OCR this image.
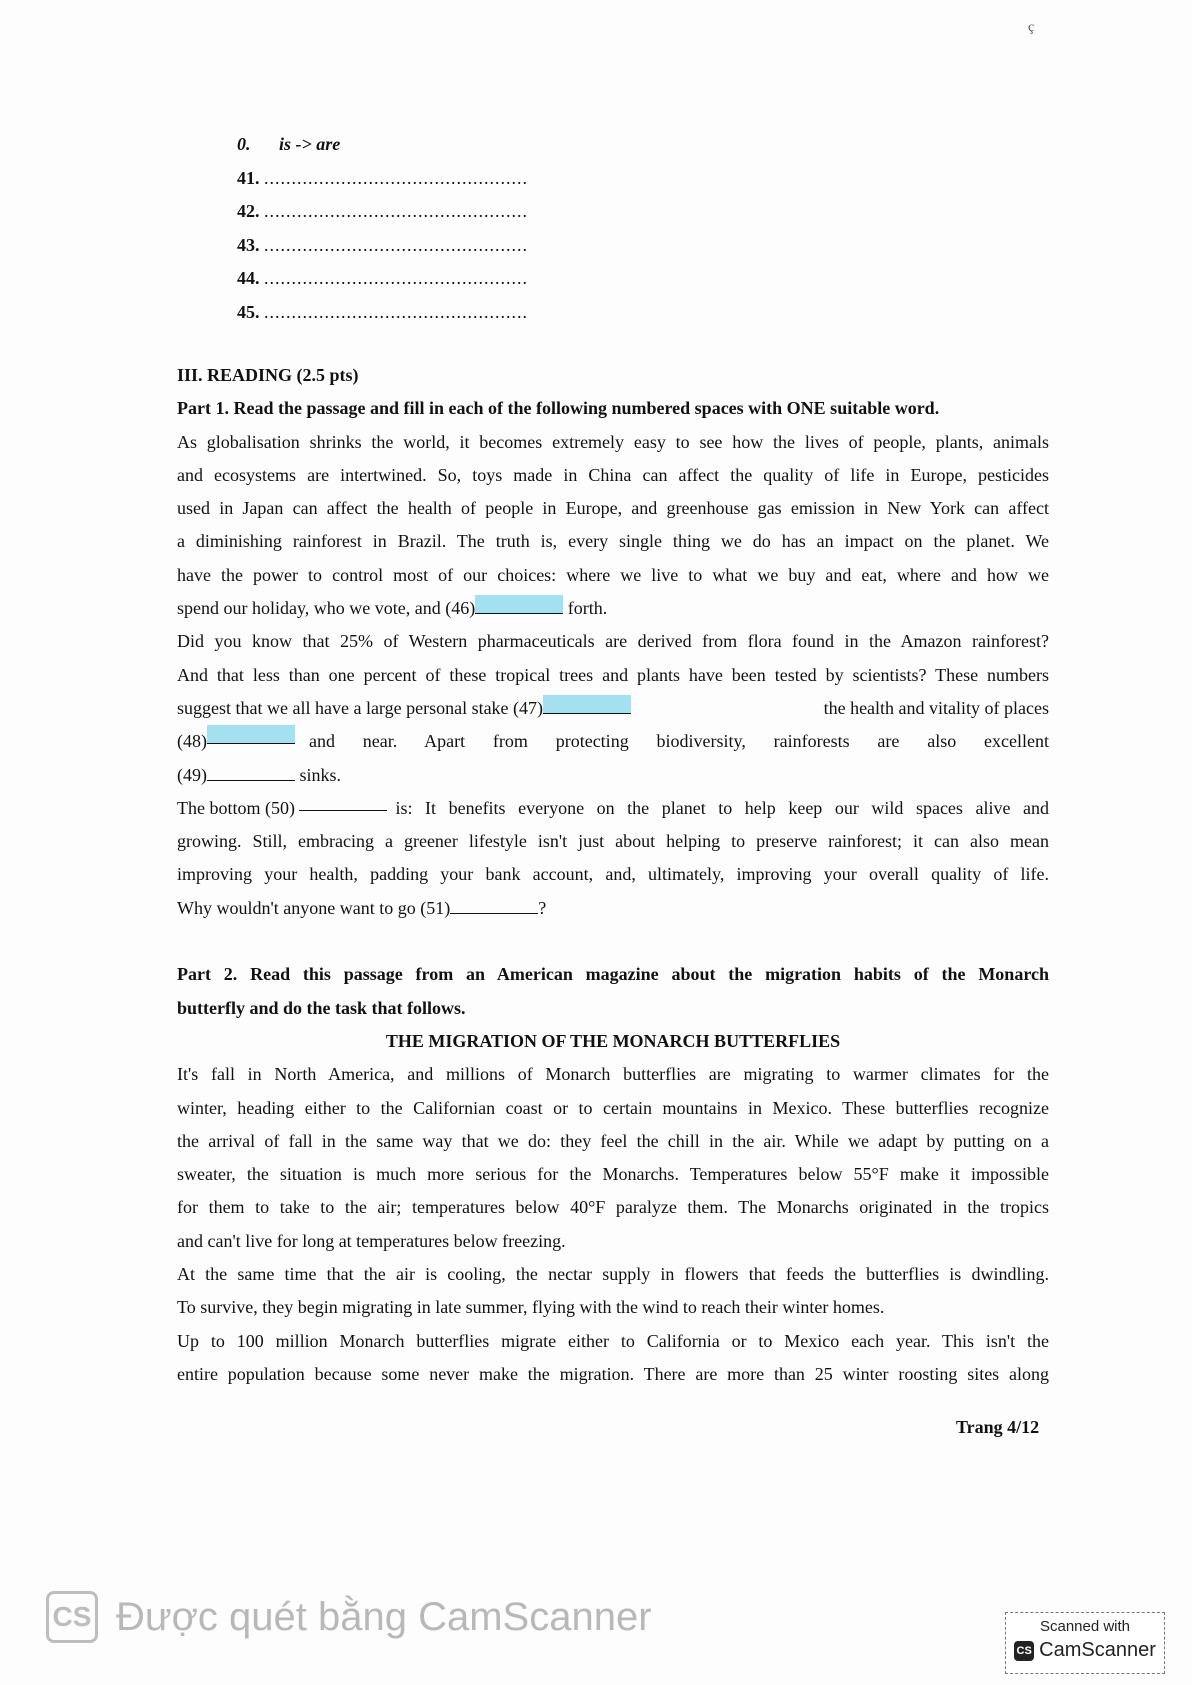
ç
0. is -> are
41. ................................................
42. ................................................
43. ................................................
44. ................................................
45. ................................................
III. READING (2.5 pts)
Part 1. Read the passage and fill in each of the following numbered spaces with ONE suitable word.
As globalisation shrinks the world, it becomes extremely easy to see how the lives of people, plants, animals
and ecosystems are intertwined. So, toys made in China can affect the quality of life in Europe, pesticides
used in Japan can affect the health of people in Europe, and greenhouse gas emission in New York can affect
a diminishing rainforest in Brazil. The truth is, every single thing we do has an impact on the planet. We
have the power to control most of our choices: where we live to what we buy and eat, where and how we
spend our holiday, who we vote, and (46)	forth.
Did you know that 25% of Western pharmaceuticals are derived from flora found in the Amazon rainforest?
And that less than one percent of these tropical trees and plants have been tested by scientists? These numbers
suggest that we all have a large personal stake (47)	the health and vitality of places
(48)	and near. Apart from protecting biodiversity, rainforests are also excellent
(49)	sinks.
The bottom (50)
	is: It benefits everyone on the planet to help keep our wild spaces alive and
growing. Still, embracing a greener lifestyle isn't just about helping to preserve rainforest; it can also mean
improving your health, padding your bank account, and, ultimately, improving your overall quality of life.
Why wouldn't anyone want to go (51)	?
Part 2. Read this passage from an American magazine about the migration habits of the Monarch
butterfly and do the task that follows.
THE MIGRATION OF THE MONARCH BUTTERFLIES
It's fall in North America, and millions of Monarch butterflies are migrating to warmer climates for the
winter, heading either to the Californian coast or to certain mountains in Mexico. These butterflies recognize
the arrival of fall in the same way that we do: they feel the chill in the air. While we adapt by putting on a
sweater, the situation is much more serious for the Monarchs. Temperatures below 55°F make it impossible
for them to take to the air; temperatures below 40°F paralyze them. The Monarchs originated in the tropics
and can't live for long at temperatures below freezing.
At the same time that the air is cooling, the nectar supply in flowers that feeds the butterflies is dwindling.
To survive, they begin migrating in late summer, flying with the wind to reach their winter homes.
Up to 100 million Monarch butterflies migrate either to California or to Mexico each year. This isn't the
entire population because some never make the migration. There are more than 25 winter roosting sites along
Trang 4/12
CS Được quét bằng CamScanner	Scanned with
CS CamScanner
